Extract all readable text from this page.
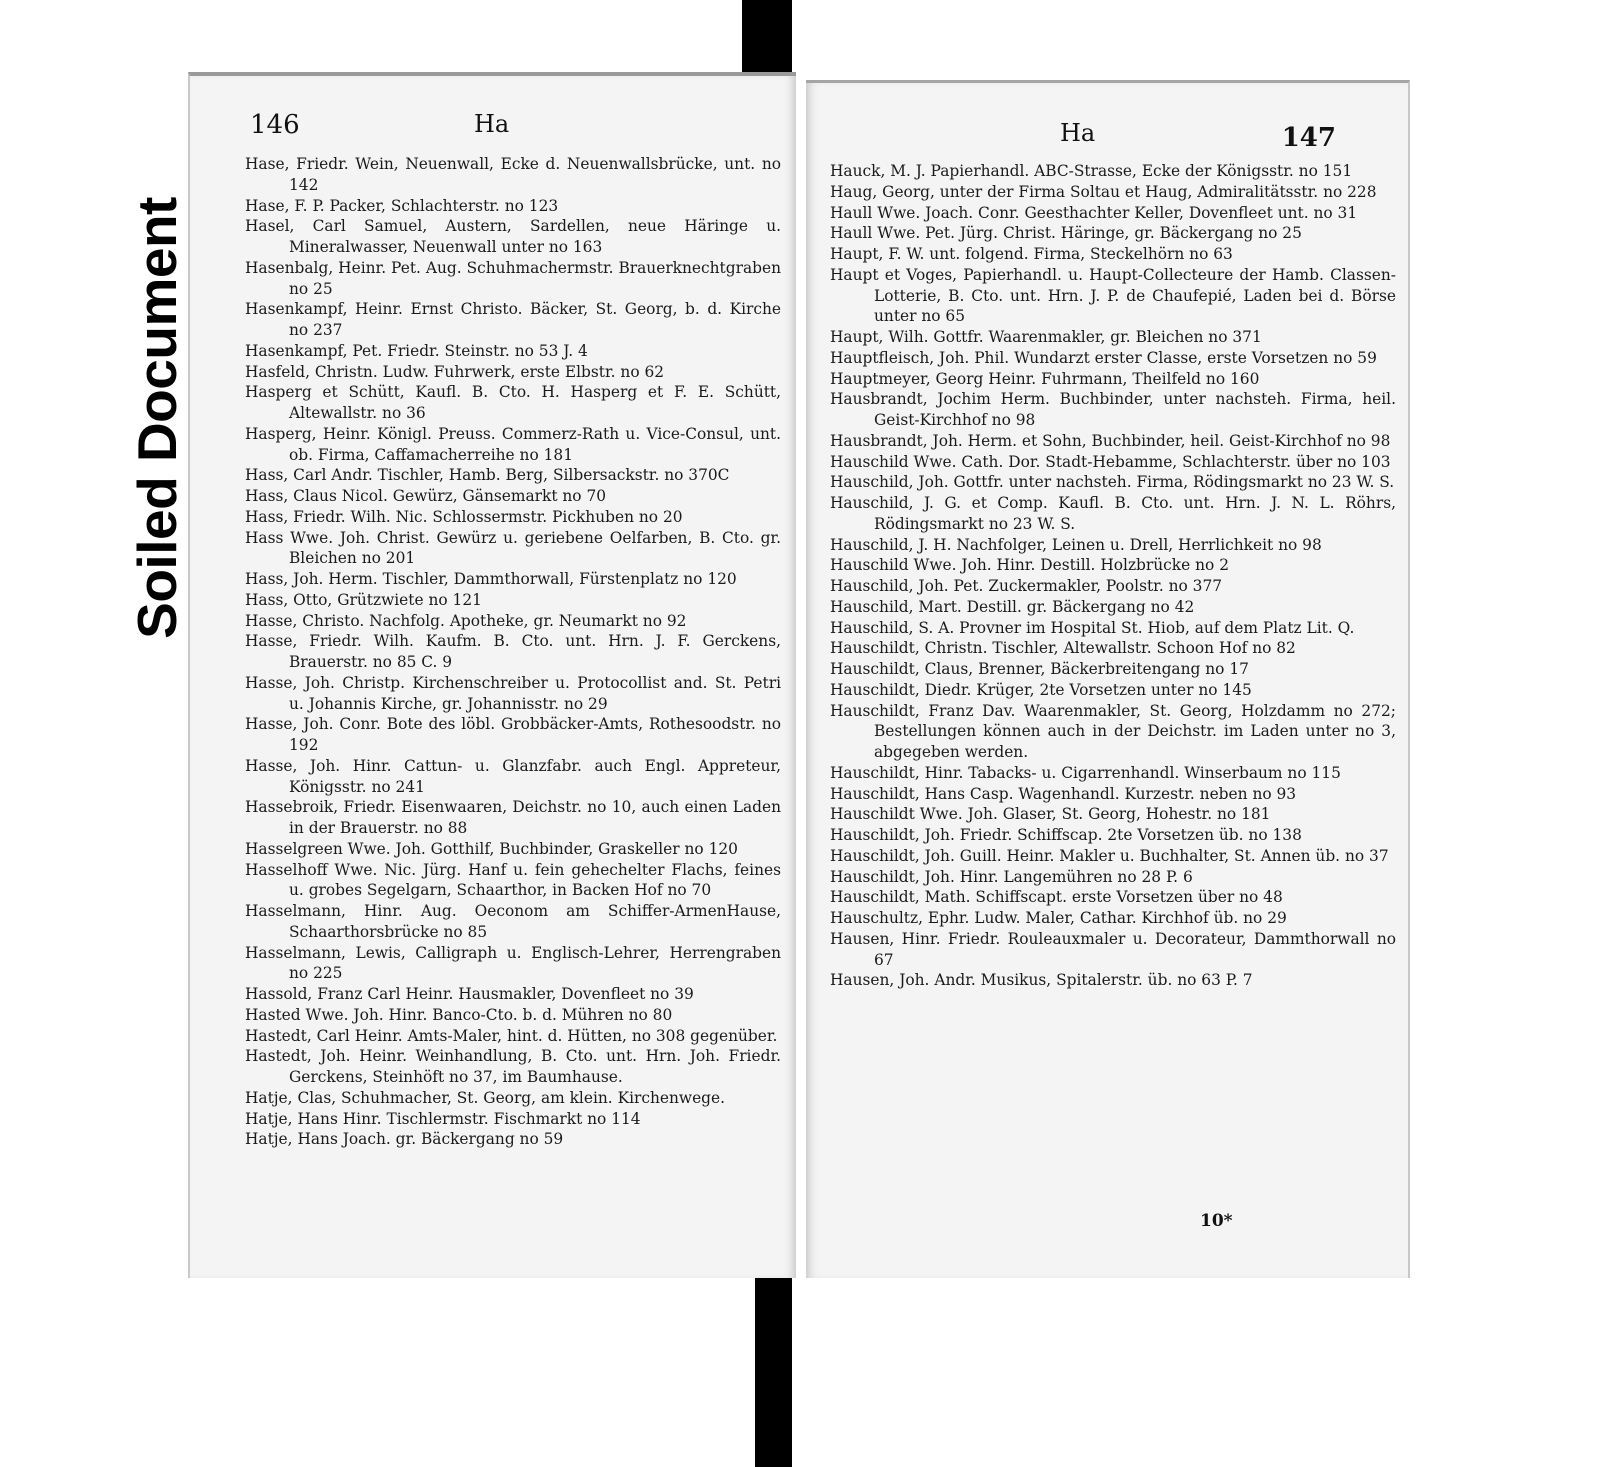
Soiled Document
146	Ha
Hase, Friedr. Wein, Neuenwall, Ecke d. Neuenwallsbrücke, unt. no 142
Hase, F. P. Packer, Schlachterstr. no 123
Hasel, Carl Samuel, Austern, Sardellen, neue Häringe u. Mineralwasser, Neuenwall unter no 163
Hasenbalg, Heinr. Pet. Aug. Schuhmachermstr. Brauerknechtgraben no 25
Hasenkampf, Heinr. Ernst Christo. Bäcker, St. Georg, b. d. Kirche no 237
Hasenkampf, Pet. Friedr. Steinstr. no 53 J. 4
Hasfeld, Christn. Ludw. Fuhrwerk, erste Elbstr. no 62
Hasperg et Schütt, Kaufl. B. Cto. H. Hasperg et F. E. Schütt, Altewallstr. no 36
Hasperg, Heinr. Königl. Preuss. Commerz-Rath u. Vice-Consul, unt. ob. Firma, Caffamacherreihe no 181
Hass, Carl Andr. Tischler, Hamb. Berg, Silbersackstr. no 370C
Hass, Claus Nicol. Gewürz, Gänsemarkt no 70
Hass, Friedr. Wilh. Nic. Schlossermstr. Pickhuben no 20
Hass Wwe. Joh. Christ. Gewürz u. geriebene Oelfarben, B. Cto. gr. Bleichen no 201
Hass, Joh. Herm. Tischler, Dammthorwall, Fürstenplatz no 120
Hass, Otto, Grützwiete no 121
Hasse, Christo. Nachfolg. Apotheke, gr. Neumarkt no 92
Hasse, Friedr. Wilh. Kaufm. B. Cto. unt. Hrn. J. F. Gerckens, Brauerstr. no 85 C. 9
Hasse, Joh. Christp. Kirchenschreiber u. Protocollist and. St. Petri u. Johannis Kirche, gr. Johannisstr. no 29
Hasse, Joh. Conr. Bote des löbl. Grobbäcker-Amts, Rothesoodstr. no 192
Hasse, Joh. Hinr. Cattun- u. Glanzfabr. auch Engl. Appreteur, Königsstr. no 241
Hassebroik, Friedr. Eisenwaaren, Deichstr. no 10, auch einen Laden in der Brauerstr. no 88
Hasselgreen Wwe. Joh. Gotthilf, Buchbinder, Graskeller no 120
Hasselhoff Wwe. Nic. Jürg. Hanf u. fein gehechelter Flachs, feines u. grobes Segelgarn, Schaarthor, in Backen Hof no 70
Hasselmann, Hinr. Aug. Oeconom am Schiffer-ArmenHause, Schaarthorsbrücke no 85
Hasselmann, Lewis, Calligraph u. Englisch-Lehrer, Herrengraben no 225
Hassold, Franz Carl Heinr. Hausmakler, Dovenfleet no 39
Hasted Wwe. Joh. Hinr. Banco-Cto. b. d. Mühren no 80
Hastedt, Carl Heinr. Amts-Maler, hint. d. Hütten, no 308 gegenüber.
Hastedt, Joh. Heinr. Weinhandlung, B. Cto. unt. Hrn. Joh. Friedr. Gerckens, Steinhöft no 37, im Baumhause.
Hatje, Clas, Schuhmacher, St. Georg, am klein. Kirchenwege.
Hatje, Hans Hinr. Tischlermstr. Fischmarkt no 114
Hatje, Hans Joach. gr. Bäckergang no 59
Ha	147
Hauck, M. J. Papierhandl. ABC-Strasse, Ecke der Königsstr. no 151
Haug, Georg, unter der Firma Soltau et Haug, Admiralitätsstr. no 228
Haull Wwe. Joach. Conr. Geesthachter Keller, Dovenfleet unt. no 31
Haull Wwe. Pet. Jürg. Christ. Häringe, gr. Bäckergang no 25
Haupt, F. W. unt. folgend. Firma, Steckelhörn no 63
Haupt et Voges, Papierhandl. u. Haupt-Collecteure der Hamb. Classen-Lotterie, B. Cto. unt. Hrn. J. P. de Chaufepié, Laden bei d. Börse unter no 65
Haupt, Wilh. Gottfr. Waarenmakler, gr. Bleichen no 371
Hauptfleisch, Joh. Phil. Wundarzt erster Classe, erste Vorsetzen no 59
Hauptmeyer, Georg Heinr. Fuhrmann, Theilfeld no 160
Hausbrandt, Jochim Herm. Buchbinder, unter nachsteh. Firma, heil. Geist-Kirchhof no 98
Hausbrandt, Joh. Herm. et Sohn, Buchbinder, heil. Geist-Kirchhof no 98
Hauschild Wwe. Cath. Dor. Stadt-Hebamme, Schlachterstr. über no 103
Hauschild, Joh. Gottfr. unter nachsteh. Firma, Rödingsmarkt no 23 W. S.
Hauschild, J. G. et Comp. Kaufl. B. Cto. unt. Hrn. J. N. L. Röhrs, Rödingsmarkt no 23 W. S.
Hauschild, J. H. Nachfolger, Leinen u. Drell, Herrlichkeit no 98
Hauschild Wwe. Joh. Hinr. Destill. Holzbrücke no 2
Hauschild, Joh. Pet. Zuckermakler, Poolstr. no 377
Hauschild, Mart. Destill. gr. Bäckergang no 42
Hauschild, S. A. Provner im Hospital St. Hiob, auf dem Platz Lit. Q.
Hauschildt, Christn. Tischler, Altewallstr. Schoon Hof no 82
Hauschildt, Claus, Brenner, Bäckerbreitengang no 17
Hauschildt, Diedr. Krüger, 2te Vorsetzen unter no 145
Hauschildt, Franz Dav. Waarenmakler, St. Georg, Holzdamm no 272; Bestellungen können auch in der Deichstr. im Laden unter no 3, abgegeben werden.
Hauschildt, Hinr. Tabacks- u. Cigarrenhandl. Winserbaum no 115
Hauschildt, Hans Casp. Wagenhandl. Kurzestr. neben no 93
Hauschildt Wwe. Joh. Glaser, St. Georg, Hohestr. no 181
Hauschildt, Joh. Friedr. Schiffscap. 2te Vorsetzen üb. no 138
Hauschildt, Joh. Guill. Heinr. Makler u. Buchhalter, St. Annen üb. no 37
Hauschildt, Joh. Hinr. Langemühren no 28 P. 6
Hauschildt, Math. Schiffscapt. erste Vorsetzen über no 48
Hauschultz, Ephr. Ludw. Maler, Cathar. Kirchhof üb. no 29
Hausen, Hinr. Friedr. Rouleauxmaler u. Decorateur, Dammthorwall no 67
Hausen, Joh. Andr. Musikus, Spitalerstr. üb. no 63 P. 7
10*
